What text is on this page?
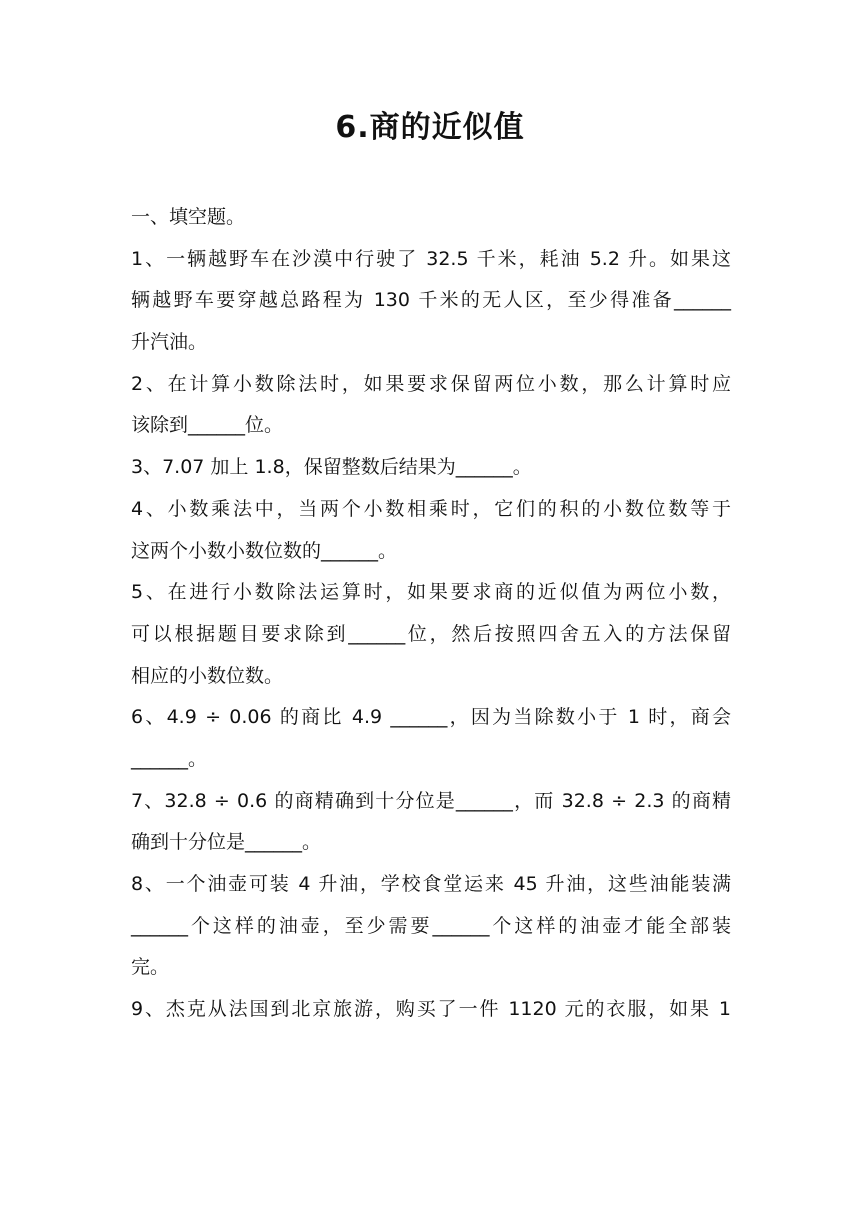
6.商的近似值
一、填空题。
1、一辆越野车在沙漠中行驶了 32.5 千米，耗油 5.2 升。如果这
辆越野车要穿越总路程为 130 千米的无人区，至少得准备______
升汽油。
2、在计算小数除法时，如果要求保留两位小数，那么计算时应
该除到______位。
3、7.07 加上 1.8，保留整数后结果为______。
4、小数乘法中，当两个小数相乘时，它们的积的小数位数等于
这两个小数小数位数的______。
5、在进行小数除法运算时，如果要求商的近似值为两位小数，
可以根据题目要求除到______位，然后按照四舍五入的方法保留
相应的小数位数。
6、4.9 ÷ 0.06 的商比 4.9 ______，因为当除数小于 1 时，商会
______。
7、32.8 ÷ 0.6 的商精确到十分位是______，而 32.8 ÷ 2.3 的商精
确到十分位是______。
8、一个油壶可装 4 升油，学校食堂运来 45 升油，这些油能装满
______个这样的油壶，至少需要______个这样的油壶才能全部装
完。
9、杰克从法国到北京旅游，购买了一件 1120 元的衣服，如果 1
